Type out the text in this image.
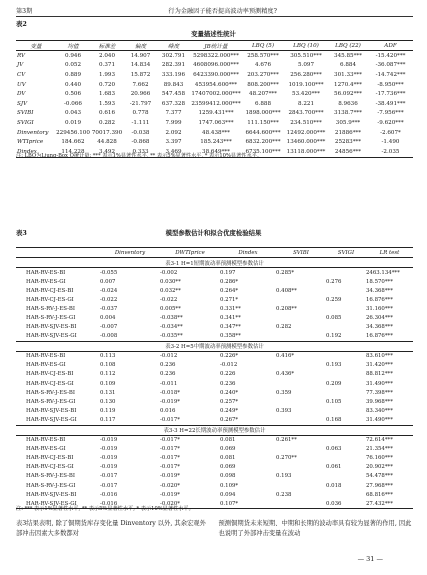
第3期	行为金融因子能否提高波动率预测精度?
表2
变量描述性统计
变量	均值	标准差	偏度	峰度	JB统计量	LBQ (5)	LBQ (10)	LBQ (22)	ADF
RV	0.946	2.040	14.907	302.791	5298322.000***	258.570***	305.510***	345.85***	-15.420***
JV	0.052	0.371	14.834	282.391	4608096.000***	4.676	5.097	6.884	-36.087***
CV	0.889	1.993	15.872	333.196	6423390.000***	203.270***	256.280***	301.33***	-14.742***
UV	0.440	0.720	7.662	89.843	453954.600***	808.200***	1019.100***	1270.4***	-8.950***
DV	0.506	1.683	20.966	547.458	17407002.000***	48.207***	53.420***	56.092***	-17.736***
SJV	-0.066	1.593	-21.797	637.328	23599412.000***	6.888	8.221	8.9636	-38.491***
SVIBI	0.043	0.616	0.778	7.377	1259.431***	1898.000***	2843.700***	3138.7***	-7.956***
SVIGI	0.019	0.282	-1.111	7.999	1747.063***	111.150***	234.510***	305.9***	-9.620***
Dinventory	229456.100	70017.390	-0.038	2.092	48.438***	6644.600***	12492.000***	21886***	-2.607*
WTIprice	184.662	44.828	-0.868	3.397	185.243***	6832.200***	13460.000***	25283***	-1.490
Dindex	114.228	3.492	0.333	3.469	38.649***	6735.100***	13118.000***	24856***	-2.035
注: LBQ为Ljung-Box Q统计量; *** 表示1%显著性水平, ** 表示5%显著性水平, * 表示10%显著性水平。
表3	模型参数估计和拟合优度检验结果
	Dinventory	DWTIprice	Dindex	SVIBI	SVIGI	LR test
表3-1 H=1短期波动率预测模型参数估计						
HAR-RV-ES-BI	-0.055	-0.002	0.197	0.285*		2463.134***
HAR-RV-ES-GI	0.007	0.030**	0.286*		0.276	18.570***
HAR-RV-CJ-ES-BI	-0.024	0.032**	0.264*	0.408**		34.368***
HAR-RV-CJ-ES-GI	-0.022	-0.022	0.271*		0.259	16.876***
HAR-S-RV-J-ES-BI	-0.037	0.005**	0.331**	0.208**		31.160***
HAR-S-RV-J-ES-GI	0.004	-0.038**	0.341**		0.085	26.304***
HAR-RV-SJV-ES-BI	-0.007	-0.034**	0.347**	0.282		34.368***
HAR-RV-SJV-ES-GI	-0.008	-0.035**	0.358**		0.192	16.876***
表3-2 H=5中期波动率预测模型参数估计						
HAR-RV-ES-BI	0.113	-0.012	0.226*	0.416*		83.610***
HAR-RV-ES-GI	0.108	0.236	-0.012		0.193	31.420***
HAR-RV-CJ-ES-BI	0.112	0.236	0.226	0.436*		88.812***
HAR-RV-CJ-ES-GI	0.109	-0.011	0.236		0.209	31.490***
HAR-S-RV-J-ES-BI	0.131	-0.018*	0.240*	0.359		77.398***
HAR-S-RV-J-ES-GI	0.130	-0.019*	0.257*		0.105	39.968***
HAR-RV-SJV-ES-BI	0.119	0.016	0.249*	0.393		83.340***
HAR-RV-SJV-ES-GI	0.117	-0.017*	0.267*		0.168	31.490***
表3-3 H=22长期波动率预测模型参数估计						
HAR-RV-ES-BI	-0.019	-0.017*	0.081	0.261**		72.614***
HAR-RV-ES-GI	-0.019	-0.017*	0.069		0.063	21.354***
HAR-RV-CJ-ES-BI	-0.019	-0.017*	0.081	0.270**		76.160***
HAR-RV-CJ-ES-GI	-0.019	-0.017*	0.069		0.061	20.902***
HAR-S-RV-J-ES-BI	-0.017	-0.019*	0.098	0.193		54.478***
HAR-S-RV-J-ES-GI	-0.017	-0.020*	0.109*		0.018	27.968***
HAR-RV-SJV-ES-BI	-0.016	-0.019*	0.094	0.238		68.816***
HAR-RV-SJV-ES-GI	-0.016	-0.020*	0.107*		0.036	27.432***
注: *** 表示1%显著性水平, ** 表示5%显著性水平, * 表示10%显著性水平。
表3结果表明, 除了铜期货库存变化量 Dinventory 以外, 其余宏观外部冲击因素大多数都对
预测铜期货未来短期、中期和长期的波动率具有较为显著的作用, 因此也说明了外部冲击变量在波动
— 31 —
